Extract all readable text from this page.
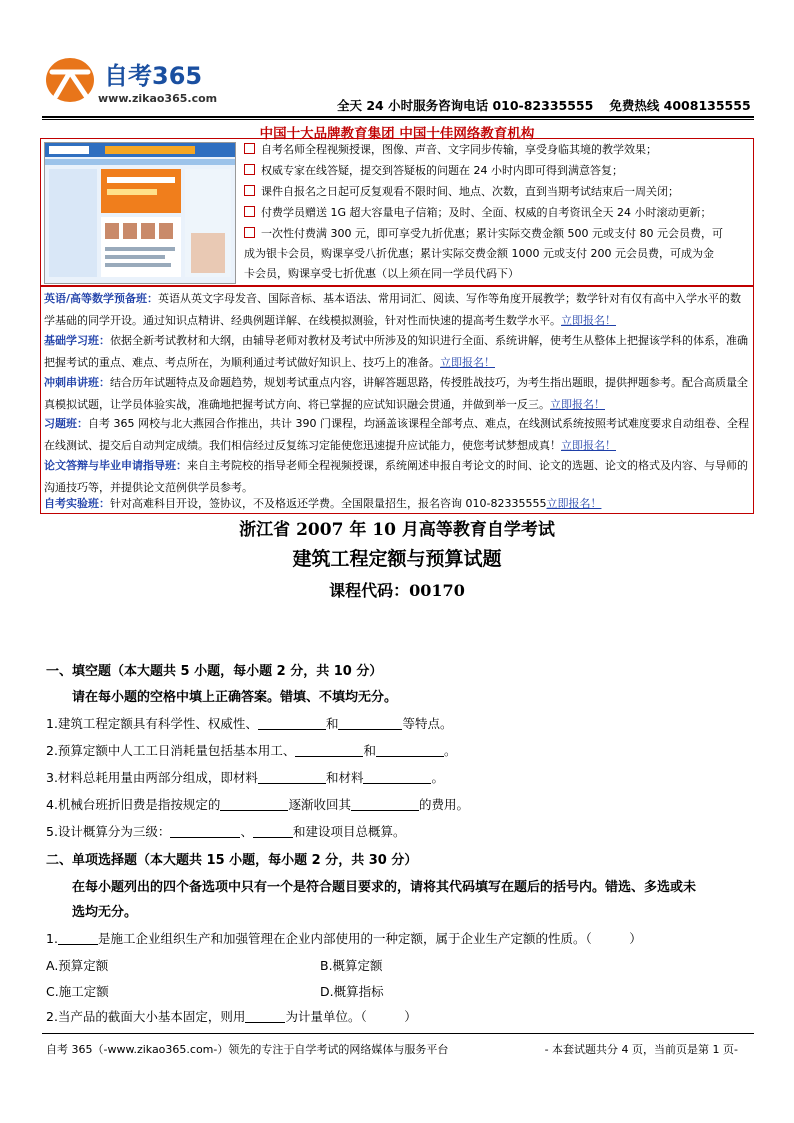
自考365
www.zikao365.com	全天 24 小时服务咨询电话 010-82335555 免费热线 4008135555
中国十大品牌教育集团 中国十佳网络教育机构
自考名师全程视频授课，图像、声音、文字同步传输，享受身临其境的教学效果；
权威专家在线答疑，提交到答疑板的问题在 24 小时内即可得到满意答复；
课件自报名之日起可反复观看不限时间、地点、次数，直到当期考试结束后一周关闭；
付费学员赠送 1G 超大容量电子信箱；及时、全面、权威的自考资讯全天 24 小时滚动更新；
一次性付费满 300 元，即可享受九折优惠；累计实际交费金额 500 元或支付 80 元会员费，可
成为银卡会员，购课享受八折优惠；累计实际交费金额 1000 元或支付 200 元会员费，可成为金
卡会员，购课享受七折优惠（以上须在同一学员代码下）
英语/高等数学预备班：英语从英文字母发音、国际音标、基本语法、常用词汇、阅读、写作等角度开展教学；数学针对有仅有高中入学水平的数学基础的同学开设。通过知识点精讲、经典例题详解、在线模拟测验，针对性而快速的提高考生数学水平。立即报名！
基础学习班：依据全新考试教材和大纲，由辅导老师对教材及考试中所涉及的知识进行全面、系统讲解，使考生从整体上把握该学科的体系，准确把握考试的重点、难点、考点所在，为顺利通过考试做好知识上、技巧上的准备。立即报名！
冲刺串讲班：结合历年试题特点及命题趋势，规划考试重点内容，讲解答题思路，传授胜战技巧，为考生指出题眼，提供押题参考。配合高质量全真模拟试题，让学员体验实战，准确地把握考试方向、将已掌握的应试知识融会贯通，并做到举一反三。立即报名！
习题班：自考 365 网校与北大燕园合作推出，共计 390 门课程，均涵盖该课程全部考点、难点，在线测试系统按照考试难度要求自动组卷、全程在线测试、提交后自动判定成绩。我们相信经过反复练习定能使您迅速提升应试能力，使您考试梦想成真！立即报名！
论文答辩与毕业申请指导班：来自主考院校的指导老师全程视频授课，系统阐述申报自考论文的时间、论文的选题、论文的格式及内容、与导师的沟通技巧等，并提供论文范例供学员参考。
自考实验班：针对高难科目开设，签协议，不及格返还学费。全国限量招生，报名咨询 010-82335555立即报名！
浙江省 2007 年 10 月高等教育自学考试
建筑工程定额与预算试题
课程代码：00170
一、填空题（本大题共 5 小题，每小题 2 分，共 10 分）
请在每小题的空格中填上正确答案。错填、不填均无分。
1.建筑工程定额具有科学性、权威性、	和	等特点。
2.预算定额中人工工日消耗量包括基本用工、	和	。
3.材料总耗用量由两部分组成，即材料	和材料	。
4.机械台班折旧费是指按规定的	逐渐收回其	的费用。
5.设计概算分为三级：	、	和建设项目总概算。
二、单项选择题（本大题共 15 小题，每小题 2 分，共 30 分）
在每小题列出的四个备选项中只有一个是符合题目要求的，请将其代码填写在题后的括号内。错选、多选或未
选均无分。
1.	是施工企业组织生产和加强管理在企业内部使用的一种定额，属于企业生产定额的性质。（　　　）
A.预算定额	B.概算定额
C.施工定额	D.概算指标
2.当产品的截面大小基本固定，则用	为计量单位。（　　　）
自考 365（-www.zikao365.com-）领先的专注于自学考试的网络媒体与服务平台	- 本套试题共分 4 页，当前页是第 1 页-
